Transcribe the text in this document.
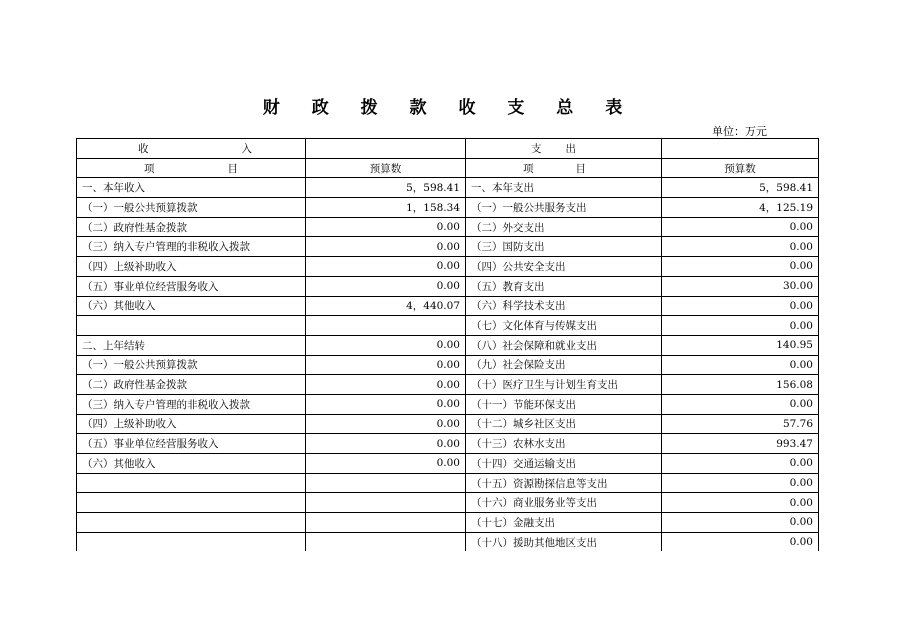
财 政 拨 款 收 支 总 表
单位：万元
收 入		支 出	

项 目	预算数	项 目	预算数
一、本年收入	5，598.41	一、本年支出	5，598.41
（一）一般公共预算拨款	1，158.34	（一）一般公共服务支出	4，125.19
（二）政府性基金拨款	0.00	（二）外交支出	0.00
（三）纳入专户管理的非税收入拨款	0.00	（三）国防支出	0.00
（四）上级补助收入	0.00	（四）公共安全支出	0.00
（五）事业单位经营服务收入	0.00	（五）教育支出	30.00
（六）其他收入	4，440.07	（六）科学技术支出	0.00
		（七）文化体育与传媒支出	0.00
二、上年结转	0.00	（八）社会保障和就业支出	140.95
（一）一般公共预算拨款	0.00	（九）社会保险支出	0.00
（二）政府性基金拨款	0.00	（十）医疗卫生与计划生育支出	156.08
（三）纳入专户管理的非税收入拨款	0.00	（十一）节能环保支出	0.00
（四）上级补助收入	0.00	（十二）城乡社区支出	57.76
（五）事业单位经营服务收入	0.00	（十三）农林水支出	993.47
（六）其他收入	0.00	（十四）交通运输支出	0.00
		（十五）资源勘探信息等支出	0.00
		（十六）商业服务业等支出	0.00
		（十七）金融支出	0.00
		（十八）援助其他地区支出	0.00
